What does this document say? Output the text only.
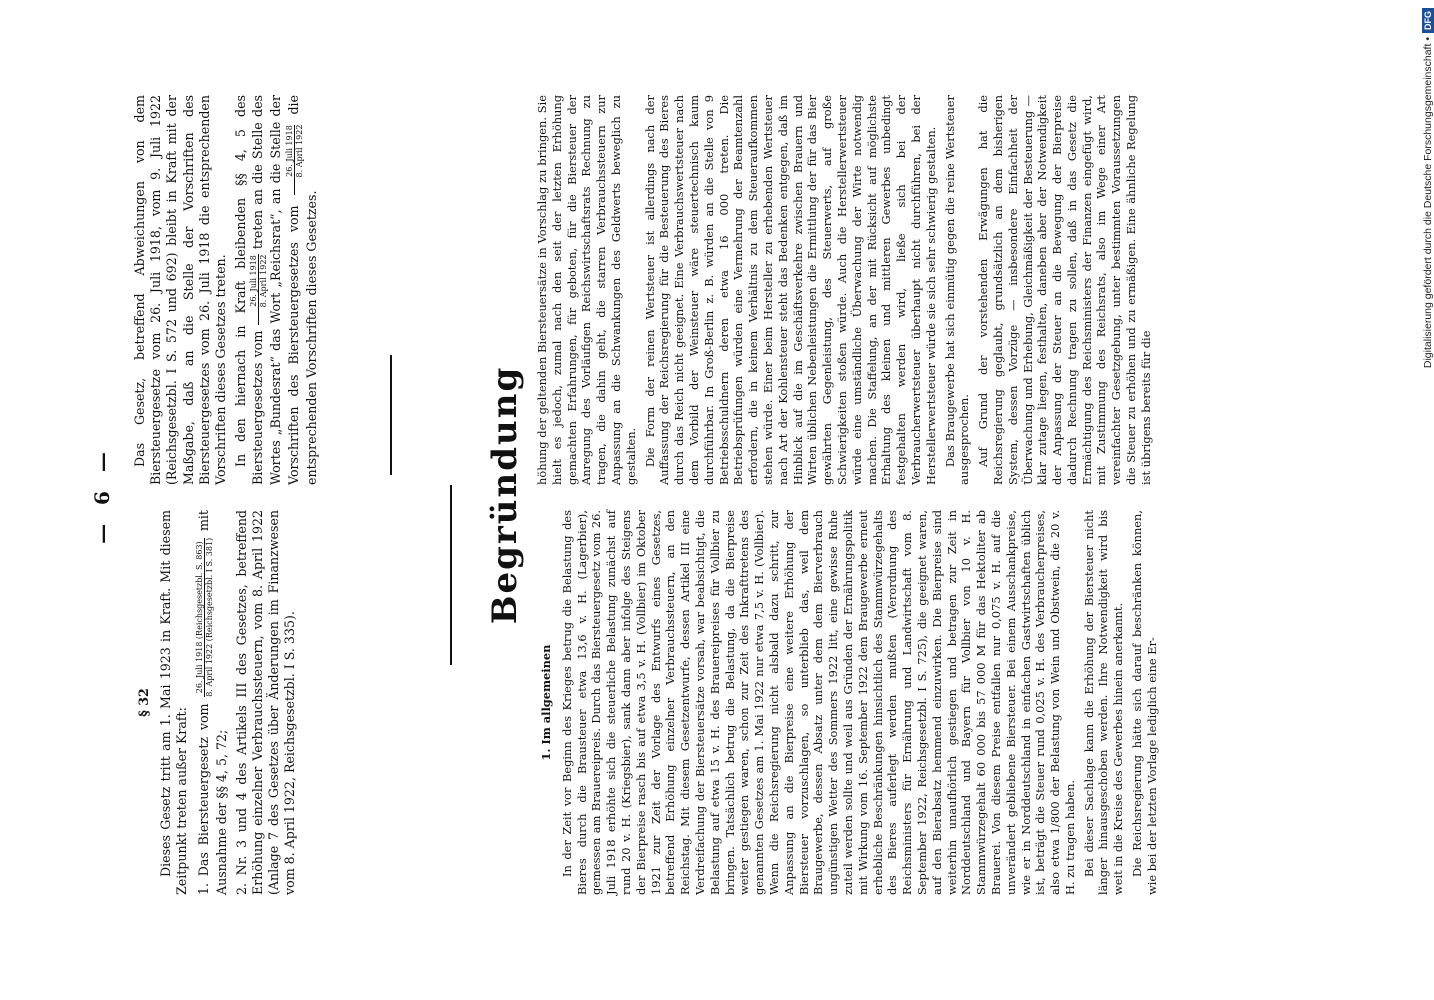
— 6 —
§ 32 Dieses Gesetz tritt am 1. Mai 1923 in Kraft. Mit diesem Zeitpunkt treten außer Kraft: 1. Das Biersteuergesetz vom
26. Juli 1918 (Reichsgesetzbl. S. 863) 8. April 1922 (Reichsgesetzbl. I S. 381)
mit Ausnahme der §§ 4, 5, 72; 2. Nr. 3 und 4 des Artikels III des Gesetzes, betreffend Erhöhung einzelner Verbrauchssteuern, vom 8. April 1922 (Anlage 7 des Gesetzes über Änderungen im Finanzwesen vom 8. April 1922, Reichsgesetzbl. I S. 335).

Das Gesetz, betreffend Abweichungen von dem Biersteuergesetze vom 26. Juli 1918, vom 9. Juli 1922 (Reichsgesetzbl. I S. 572 und 692) bleibt in Kraft mit der Maßgabe, daß an die Stelle der Vorschriften des Biersteuergesetzes vom 26. Juli 1918 die entsprechenden Vorschriften dieses Gesetzes treten. In den hiernach in Kraft bleibenden §§ 4, 5 des Biersteuergesetzes vom
26. Juli 1918 8. April 1922
treten an die Stelle des Wortes „Bundesrat“ das Wort „Reichsrat“, an die Stelle der Vorschriften des Biersteuergesetzes vom
26. Juli 1918 8. April 1922
die entsprechenden Vorschriften dieses Gesetzes.

Begründung
1. Im allgemeinen In der Zeit vor Beginn des Krieges betrug die Belastung des Bieres durch die Brausteuer etwa 13,6 v. H. (Lagerbier), gemessen am Brauereipreis. Durch das Biersteuergesetz vom 26. Juli 1918 erhöhte sich die steuerliche Belastung zunächst auf rund 20 v. H. (Kriegsbier), sank dann aber infolge des Steigens der Bierpreise rasch bis auf etwa 3,5 v. H. (Vollbier) im Oktober 1921 zur Zeit der Vorlage des Entwurfs eines Gesetzes, betreffend Erhöhung einzelner Verbrauchssteuern, an den Reichstag. Mit diesem Gesetzentwurfe, dessen Artikel III eine Verdreifachung der Biersteuersätze vorsah, war beabsichtigt, die Belastung auf etwa 15 v. H. des Brauereipreises für Vollbier zu bringen. Tatsächlich betrug die Belastung, da die Bierpreise weiter gestiegen waren, schon zur Zeit des Inkrafttretens des genannten Gesetzes am 1. Mai 1922 nur etwa 7,5 v. H. (Vollbier). Wenn die Reichsregierung nicht alsbald dazu schritt, zur Anpassung an die Bierpreise eine weitere Erhöhung der Biersteuer vorzuschlagen, so unterblieb das, weil dem Braugewerbe, dessen Absatz unter dem dem Bierverbrauch ungünstigen Wetter des Sommers 1922 litt, eine gewisse Ruhe zuteil werden sollte und weil aus Gründen der Ernährungspolitik mit Wirkung vom 16. September 1922 dem Braugewerbe erneut erhebliche Beschränkungen hinsichtlich des Stammwürzegehalts des Bieres auferlegt werden mußten (Verordnung des Reichsministers für Ernährung und Landwirtschaft vom 8. September 1922, Reichsgesetzbl. I S. 725), die geeignet waren, auf den Bierabsatz hemmend einzuwirken. Die Bierpreise sind weiterhin unaufhörlich gestiegen und betragen zur Zeit in Norddeutschland und Bayern für Vollbier von 10 v. H. Stammwürzegehalt 60 000 bis 57 000 M für das Hektoliter ab Brauerei. Von diesem Preise entfallen nur 0,075 v. H. auf die unverändert gebliebene Biersteuer. Bei einem Ausschankpreise, wie er in Norddeutschland in einfachen Gastwirtschaften üblich ist, beträgt die Steuer rund 0,025 v. H. des Verbraucherpreises, also etwa 1/800 der Belastung von Wein und Obstwein, die 20 v. H. zu tragen haben. Bei dieser Sachlage kann die Erhöhung der Biersteuer nicht länger hinausgeschoben werden. Ihre Notwendigkeit wird bis weit in die Kreise des Gewerbes hinein anerkannt. Die Reichsregierung hätte sich darauf beschränken können, wie bei der letzten Vorlage lediglich eine Er-

höhung der geltenden Biersteuersätze in Vorschlag zu bringen. Sie hielt es jedoch, zumal nach den seit der letzten Erhöhung gemachten Erfahrungen, für geboten, für die Biersteuer der Anregung des Vorläufigen Reichswirtschaftsrats Rechnung zu tragen, die dahin geht, die starren Verbrauchssteuern zur Anpassung an die Schwankungen des Geldwerts beweglich zu gestalten. Die Form der reinen Wertsteuer ist allerdings nach der Auffassung der Reichsregierung für die Besteuerung des Bieres durch das Reich nicht geeignet. Eine Verbrauchswertsteuer nach dem Vorbild der Weinsteuer wäre steuertechnisch kaum durchführbar. In Groß-Berlin z. B. würden an die Stelle von 9 Betriebsschuldnern deren etwa 16 000 treten. Die Betriebsprüfungen würden eine Vermehrung der Beamtenzahl erfordern, die in keinem Verhältnis zu dem Steueraufkommen stehen würde. Einer beim Hersteller zu erhebenden Wertsteuer nach Art der Kohlensteuer steht das Bedenken entgegen, daß im Hinblick auf die im Geschäftsverkehre zwischen Brauern und Wirten üblichen Nebenleistungen die Ermittlung der für das Bier gewährten Gegenleistung, des Steuerwerts, auf große Schwierigkeiten stoßen würde. Auch die Herstellerwertsteuer würde eine umständliche Überwachung der Wirte notwendig machen. Die Staffelung, an der mit Rücksicht auf möglichste Erhaltung des kleinen und mittleren Gewerbes unbedingt festgehalten werden wird, ließe sich bei der Verbraucherwertsteuer überhaupt nicht durchführen, bei der Herstellerwertsteuer würde sie sich sehr schwierig gestalten. Das Braugewerbe hat sich einmütig gegen die reine Wertsteuer ausgesprochen. Auf Grund der vorstehenden Erwägungen hat die Reichsregierung geglaubt, grundsätzlich an dem bisherigen System, dessen Vorzüge — insbesondere Einfachheit der Überwachung und Erhebung, Gleichmäßigkeit der Besteuerung — klar zutage liegen, festhalten, daneben aber der Notwendigkeit der Anpassung der Steuer an die Bewegung der Bierpreise dadurch Rechnung tragen zu sollen, daß in das Gesetz die Ermächtigung des Reichsministers der Finanzen eingefügt wird, mit Zustimmung des Reichsrats, also im Wege einer Art vereinfachter Gesetzgebung, unter bestimmten Voraussetzungen die Steuer zu erhöhen und zu ermäßigen. Eine ähnliche Regelung ist übrigens bereits für die

Digitalisierung gefördert durch die Deutsche Forschungsgemeinschaft •DFG
